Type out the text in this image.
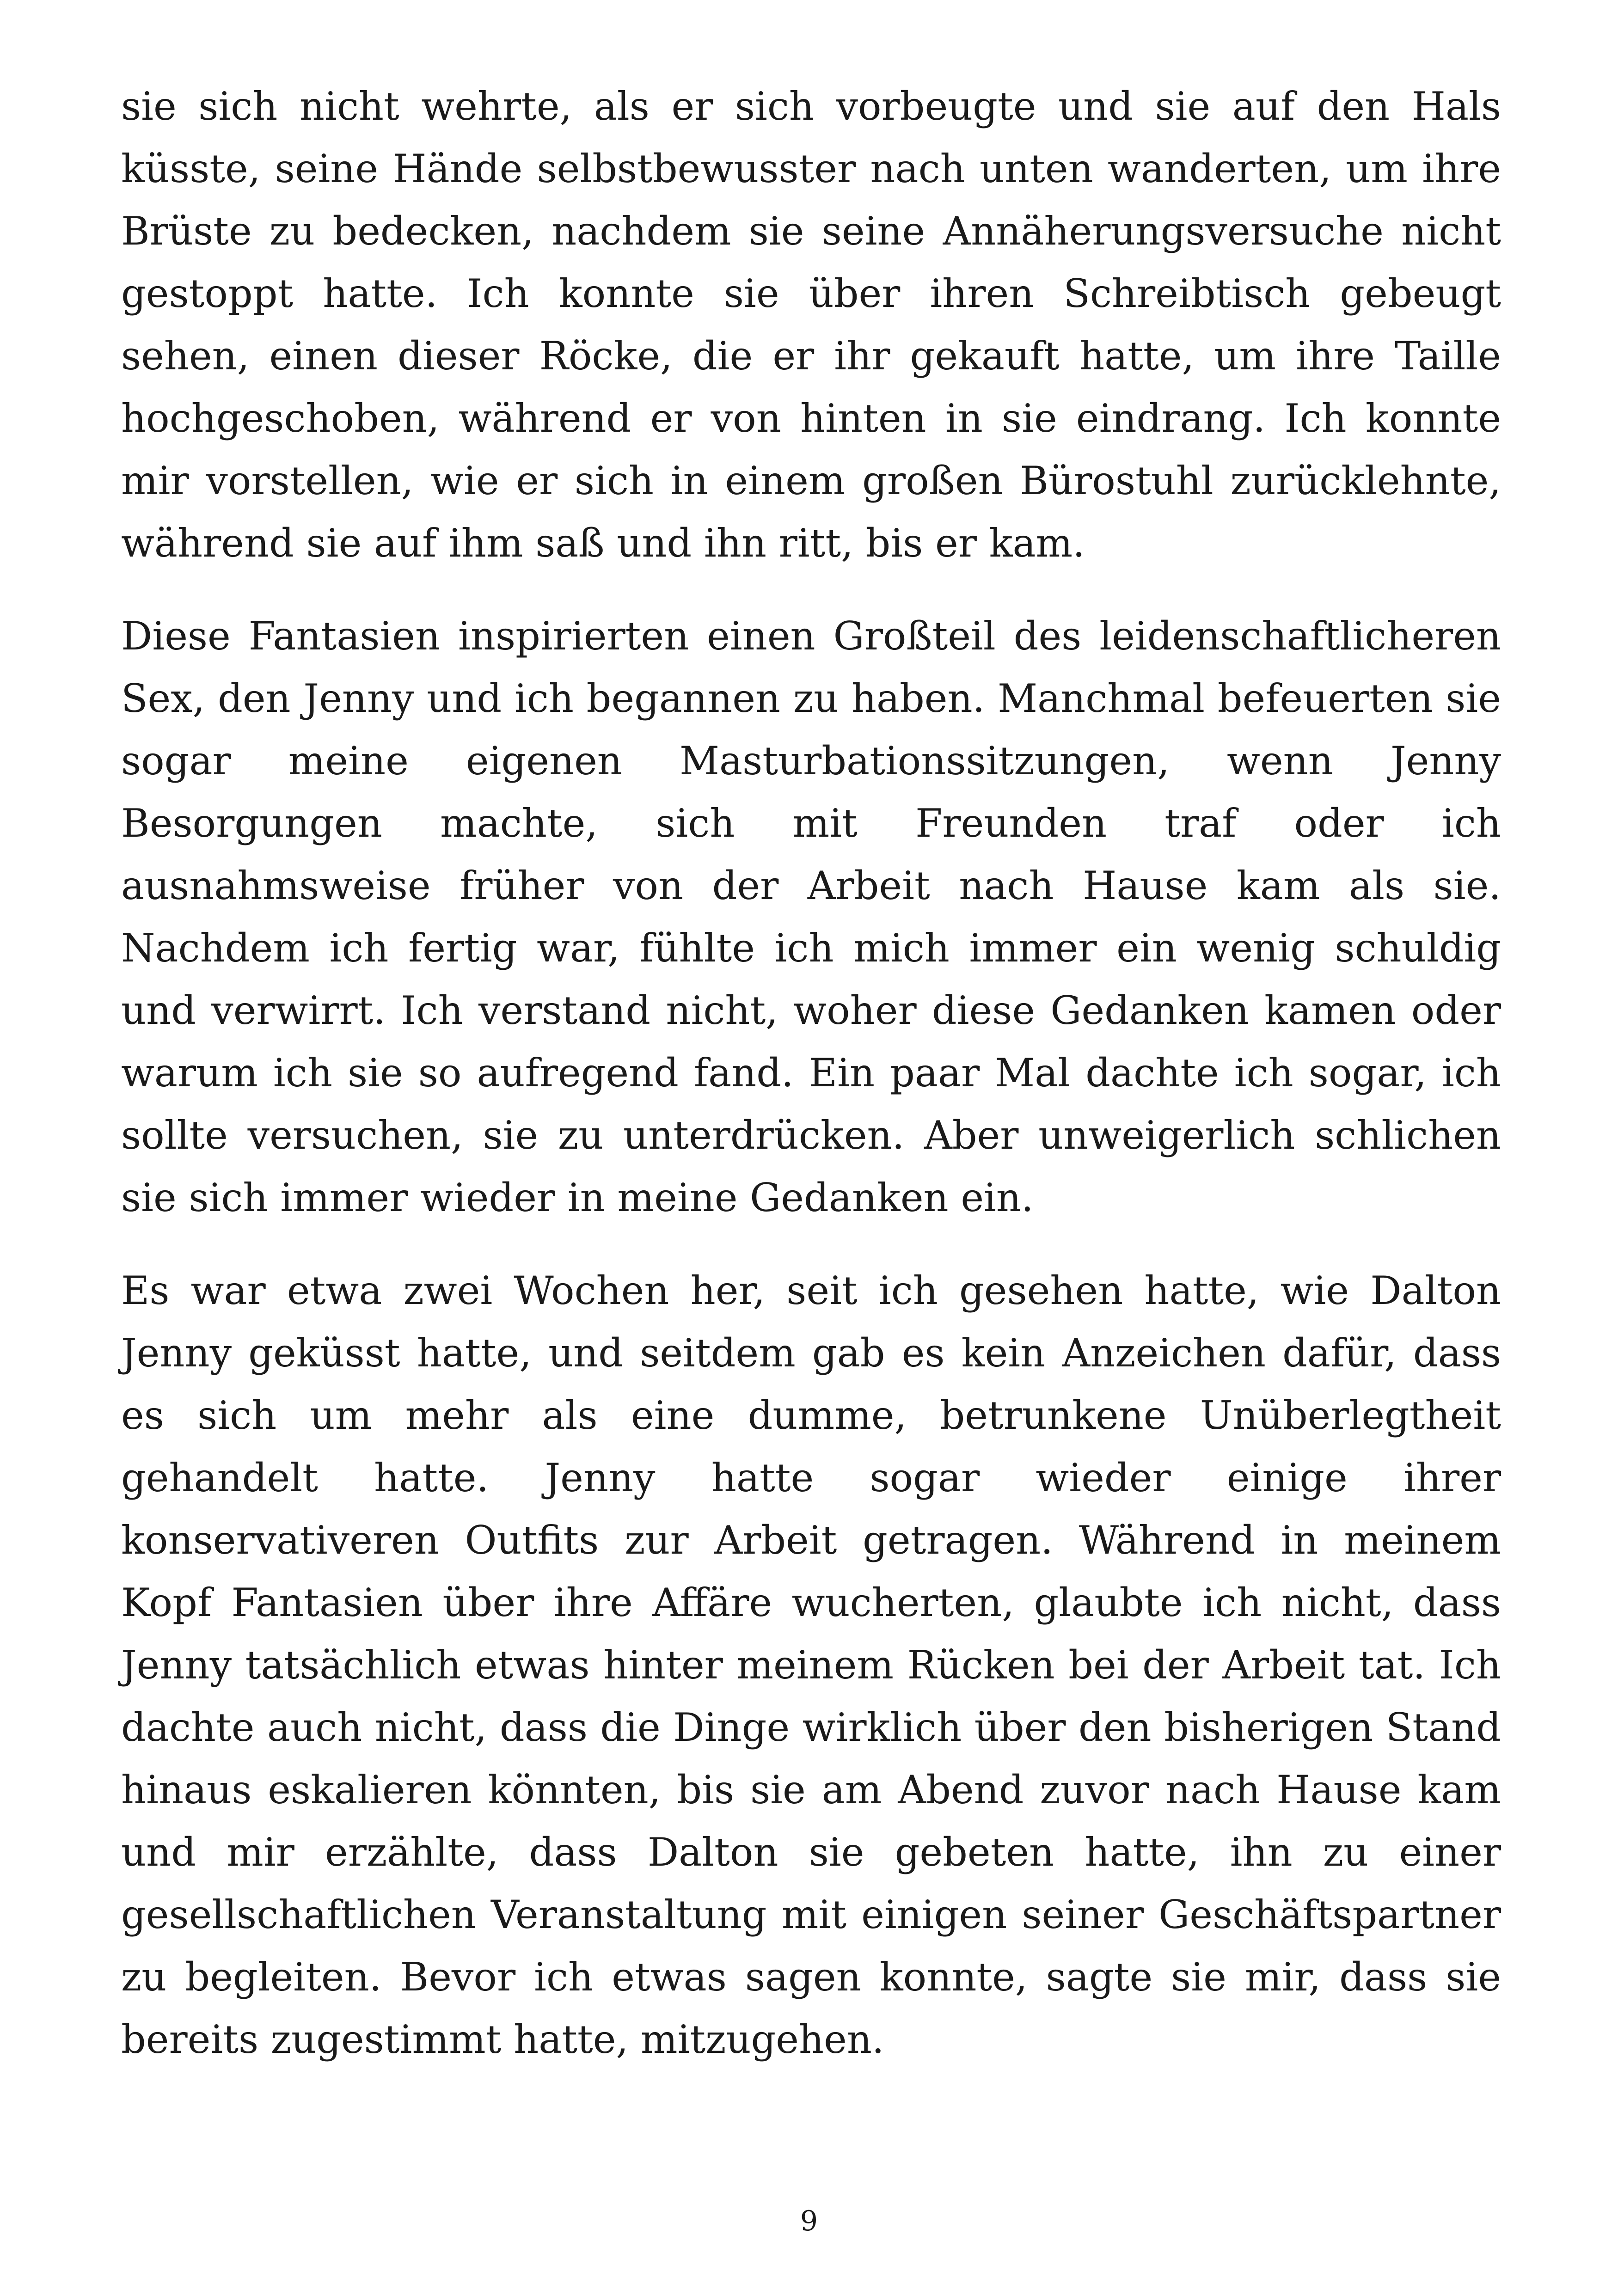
sie sich nicht wehrte, als er sich vorbeugte und sie auf den Hals küsste, seine Hände selbstbewusster nach unten wanderten, um ihre Brüste zu bedecken, nachdem sie seine Annäherungsversuche nicht gestoppt hatte. Ich konnte sie über ihren Schreibtisch gebeugt sehen, einen dieser Röcke, die er ihr gekauft hatte, um ihre Taille hochgeschoben, während er von hinten in sie eindrang. Ich konnte mir vorstellen, wie er sich in einem großen Bürostuhl zurücklehnte, während sie auf ihm saß und ihn ritt, bis er kam.

Diese Fantasien inspirierten einen Großteil des leidenschaftlicheren Sex, den Jenny und ich begannen zu haben. Manchmal befeuerten sie sogar meine eigenen Masturbationssitzungen, wenn Jenny Besorgungen machte, sich mit Freunden traf oder ich ausnahmsweise früher von der Arbeit nach Hause kam als sie. Nachdem ich fertig war, fühlte ich mich immer ein wenig schuldig und verwirrt. Ich verstand nicht, woher diese Gedanken kamen oder warum ich sie so aufregend fand. Ein paar Mal dachte ich sogar, ich sollte versuchen, sie zu unterdrücken. Aber unweigerlich schlichen sie sich immer wieder in meine Gedanken ein.

Es war etwa zwei Wochen her, seit ich gesehen hatte, wie Dalton Jenny geküsst hatte, und seitdem gab es kein Anzeichen dafür, dass es sich um mehr als eine dumme, betrunkene Unüberlegtheit gehandelt hatte. Jenny hatte sogar wieder einige ihrer konservativeren Outfits zur Arbeit getragen. Während in meinem Kopf Fantasien über ihre Affäre wucherten, glaubte ich nicht, dass Jenny tatsächlich etwas hinter meinem Rücken bei der Arbeit tat. Ich dachte auch nicht, dass die Dinge wirklich über den bisherigen Stand hinaus eskalieren könnten, bis sie am Abend zuvor nach Hause kam und mir erzählte, dass Dalton sie gebeten hatte, ihn zu einer gesellschaftlichen Veranstaltung mit einigen seiner Geschäftspartner zu begleiten. Bevor ich etwas sagen konnte, sagte sie mir, dass sie bereits zugestimmt hatte, mitzugehen.

9
